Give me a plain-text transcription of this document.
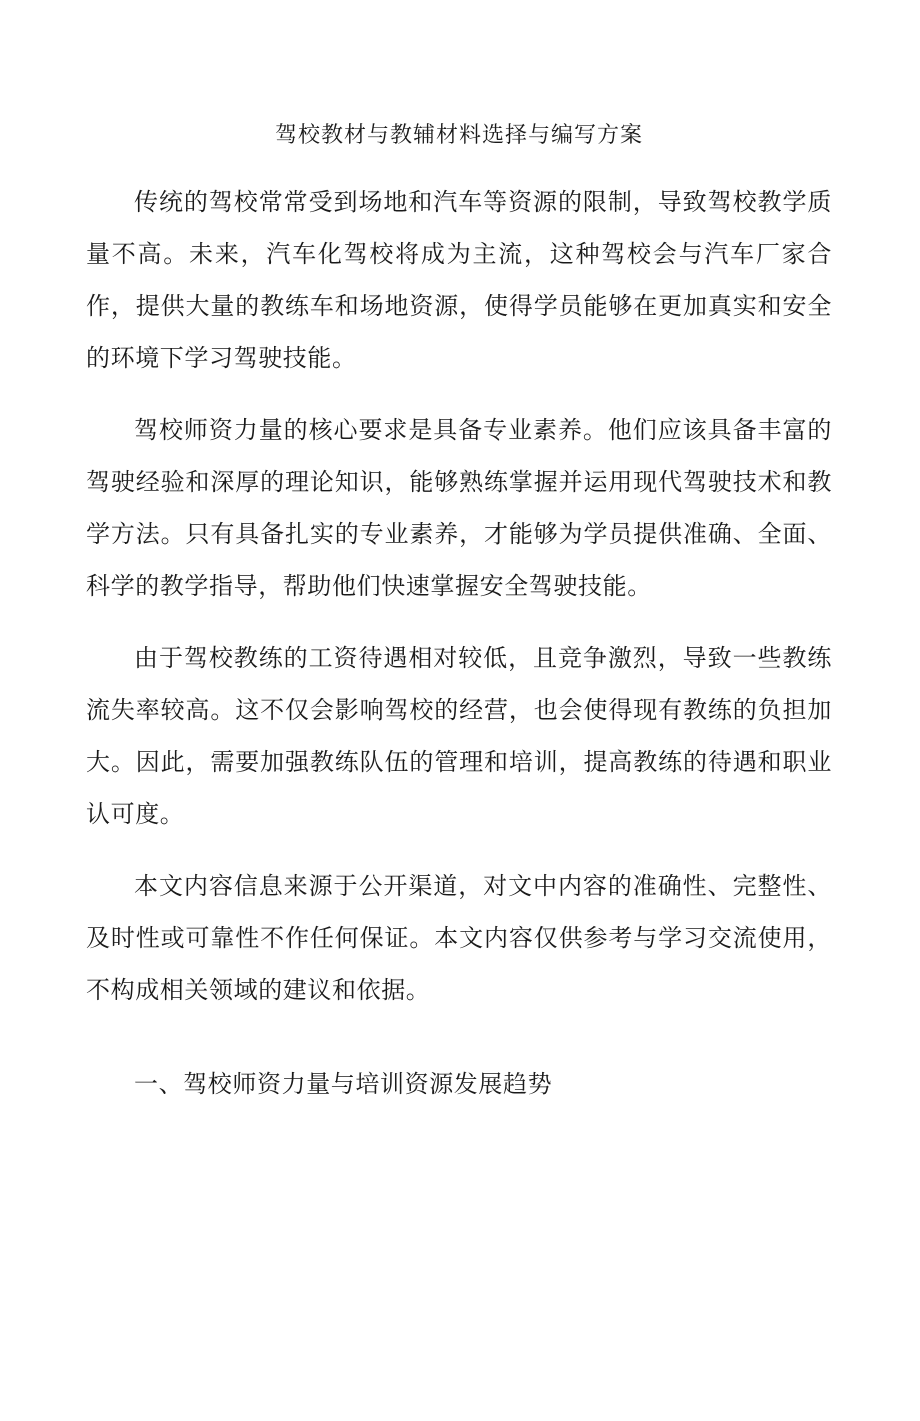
驾校教材与教辅材料选择与编写方案

传统的驾校常常受到场地和汽车等资源的限制，导致驾校教学质量不高。未来，汽车化驾校将成为主流，这种驾校会与汽车厂家合作，提供大量的教练车和场地资源，使得学员能够在更加真实和安全的环境下学习驾驶技能。

驾校师资力量的核心要求是具备专业素养。他们应该具备丰富的驾驶经验和深厚的理论知识，能够熟练掌握并运用现代驾驶技术和教学方法。只有具备扎实的专业素养，才能够为学员提供准确、全面、科学的教学指导，帮助他们快速掌握安全驾驶技能。

由于驾校教练的工资待遇相对较低，且竞争激烈，导致一些教练流失率较高。这不仅会影响驾校的经营，也会使得现有教练的负担加大。因此，需要加强教练队伍的管理和培训，提高教练的待遇和职业认可度。

本文内容信息来源于公开渠道，对文中内容的准确性、完整性、及时性或可靠性不作任何保证。本文内容仅供参考与学习交流使用，不构成相关领域的建议和依据。

一、驾校师资力量与培训资源发展趋势
